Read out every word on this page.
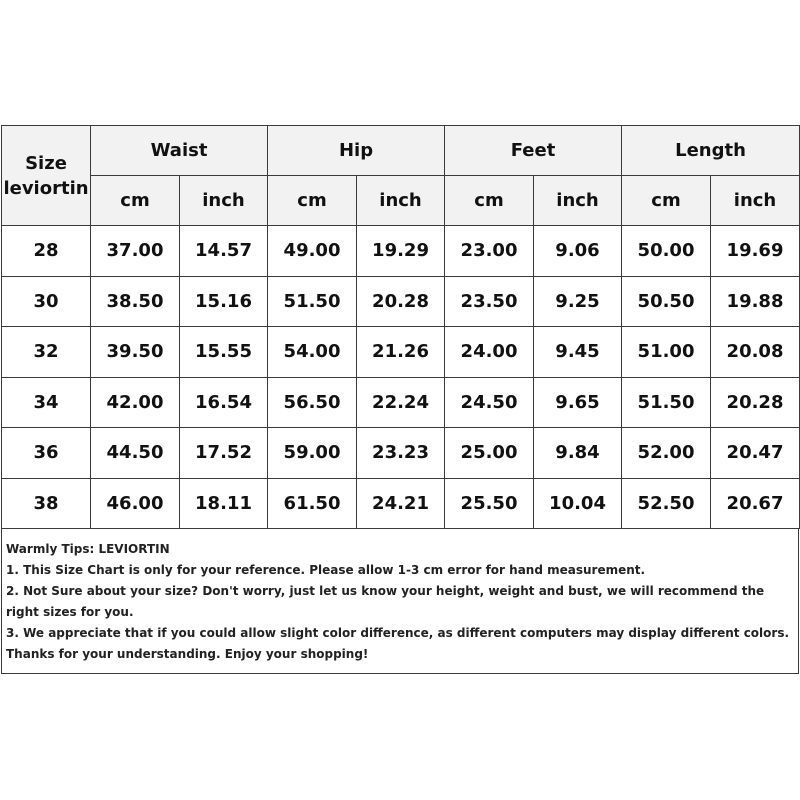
Size
leviortin	Waist		Hip		Feet		Length	
	cm	inch	cm	inch	cm	inch	cm	inch
28	37.00	14.57	49.00	19.29	23.00	9.06	50.00	19.69
30	38.50	15.16	51.50	20.28	23.50	9.25	50.50	19.88
32	39.50	15.55	54.00	21.26	24.00	9.45	51.00	20.08
34	42.00	16.54	56.50	22.24	24.50	9.65	51.50	20.28
36	44.50	17.52	59.00	23.23	25.00	9.84	52.00	20.47
38	46.00	18.11	61.50	24.21	25.50	10.04	52.50	20.67

Warmly Tips: LEVIORTIN

1. This Size Chart is only for your reference. Please allow 1-3 cm error for hand measurement.

2. Not Sure about your size? Don't worry, just let us know your height, weight and bust, we will recommend the right sizes for you.

3. We appreciate that if you could allow slight color difference, as different computers may display different colors.

Thanks for your understanding. Enjoy your shopping!
